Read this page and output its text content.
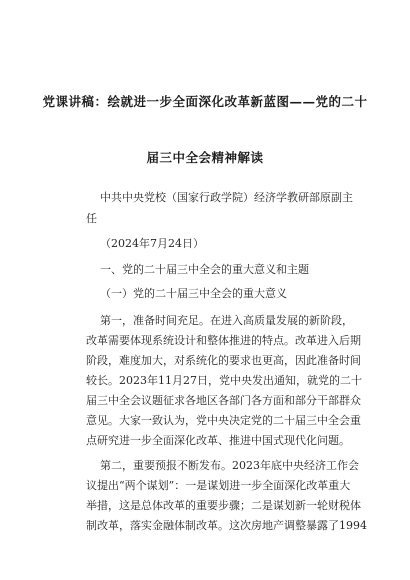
党课讲稿：绘就进一步全面深化改革新蓝图——党的二十
届三中全会精神解读
中共中央党校（国家行政学院）经济学教研部原副主
任
（2024年7月24日）
一、党的二十届三中全会的重大意义和主题
（一）党的二十届三中全会的重大意义
第一，准备时间充足。在进入高质量发展的新阶段，
改革需要体现系统设计和整体推进的特点。改革进入后期
阶段，难度加大，对系统化的要求也更高，因此准备时间
较长。2023年11月27日，党中央发出通知，就党的二十
届三中全会议题征求各地区各部门各方面和部分干部群众
意见。大家一致认为，党中央决定党的二十届三中全会重
点研究进一步全面深化改革、推进中国式现代化问题。
第二，重要预报不断发布。2023年底中央经济工作会
议提出“两个谋划”：一是谋划进一步全面深化改革重大
举措，这是总体改革的重要步骤；二是谋划新一轮财税体
制改革，落实金融体制改革。这次房地产调整暴露了1994
